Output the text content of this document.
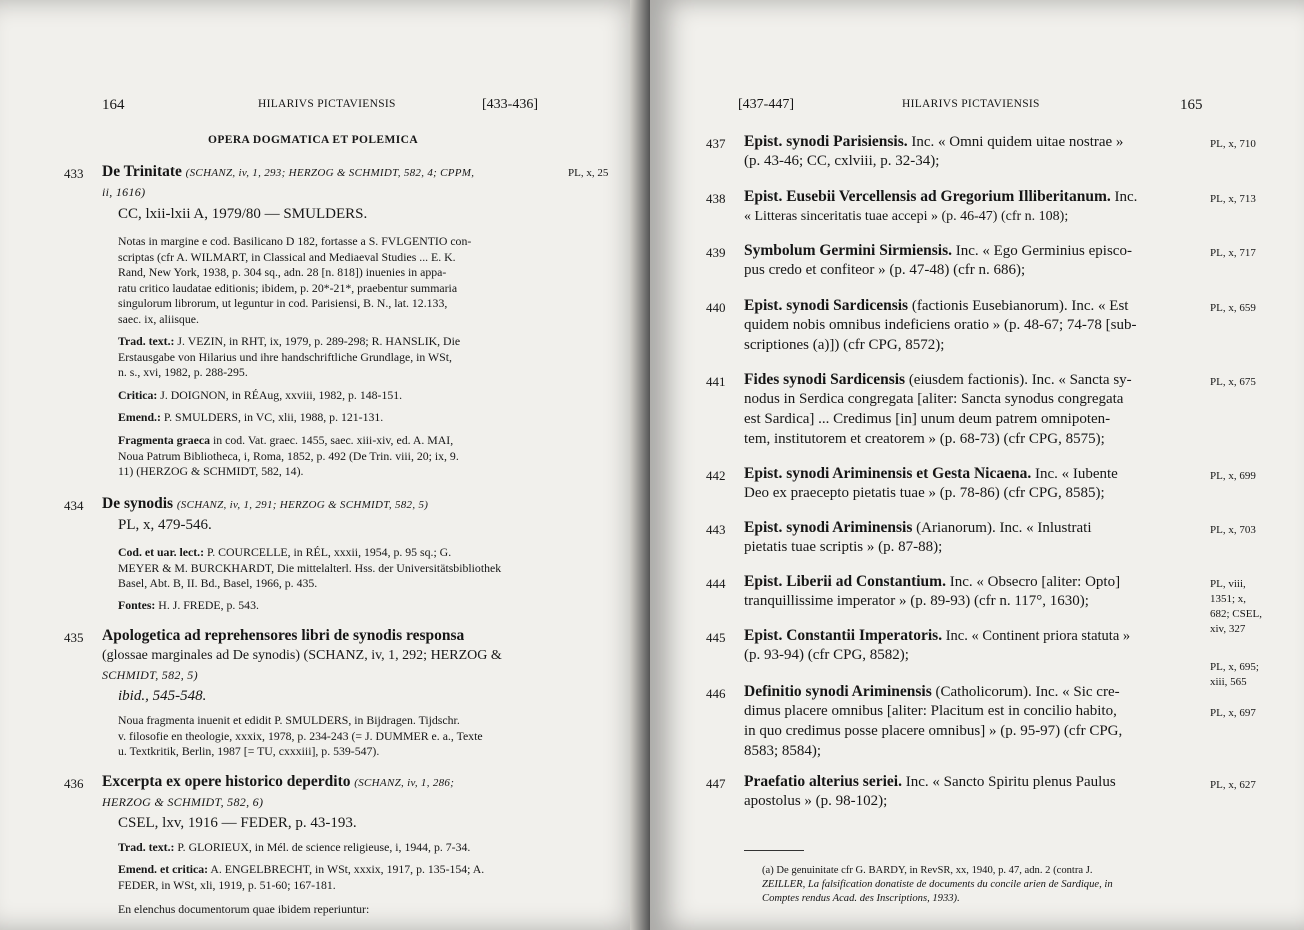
164	HILARIVS PICTAVIENSIS	[433-436]
OPERA DOGMATICA ET POLEMICA
433 De Trinitate (SCHANZ, iv, 1, 293; HERZOG & SCHMIDT, 582, 4; CPPM,
ii, 1616)
PL, x, 25
CC, lxii-lxii A, 1979/80 — SMULDERS.
Notas in margine e cod. Basilicano D 182, fortasse a S. FVLGENTIO con-
scriptas (cfr A. WILMART, in Classical and Mediaeval Studies ... E. K.
Rand, New York, 1938, p. 304 sq., adn. 28 [n. 818]) inuenies in appa-
ratu critico laudatae editionis; ibidem, p. 20*-21*, praebentur summaria
singulorum librorum, ut leguntur in cod. Parisiensi, B. N., lat. 12.133,
saec. ix, aliisque.
Trad. text.: J. VEZIN, in RHT, ix, 1979, p. 289-298; R. HANSLIK, Die
Erstausgabe von Hilarius und ihre handschriftliche Grundlage, in WSt,
n. s., xvi, 1982, p. 288-295.
Critica: J. DOIGNON, in RÉAug, xxviii, 1982, p. 148-151.
Emend.: P. SMULDERS, in VC, xlii, 1988, p. 121-131.
Fragmenta graeca in cod. Vat. graec. 1455, saec. xiii-xiv, ed. A. MAI,
Noua Patrum Bibliotheca, i, Roma, 1852, p. 492 (De Trin. viii, 20; ix, 9.
11) (HERZOG & SCHMIDT, 582, 14).
434 De synodis (SCHANZ, iv, 1, 291; HERZOG & SCHMIDT, 582, 5)
PL, x, 479-546.
Cod. et uar. lect.: P. COURCELLE, in RÉL, xxxii, 1954, p. 95 sq.; G.
MEYER & M. BURCKHARDT, Die mittelalterl. Hss. der Universitätsbibliothek
Basel, Abt. B, II. Bd., Basel, 1966, p. 435.
Fontes: H. J. FREDE, p. 543.
435 Apologetica ad reprehensores libri de synodis responsa
(glossae marginales ad De synodis) (SCHANZ, iv, 1, 292; HERZOG &
SCHMIDT, 582, 5)
ibid., 545-548.
Noua fragmenta inuenit et edidit P. SMULDERS, in Bijdragen. Tijdschr.
v. filosofie en theologie, xxxix, 1978, p. 234-243 (= J. DUMMER e. a., Texte
u. Textkritik, Berlin, 1987 [= TU, cxxxiii], p. 539-547).
436 Excerpta ex opere historico deperdito (SCHANZ, iv, 1, 286;
HERZOG & SCHMIDT, 582, 6)
CSEL, lxv, 1916 — FEDER, p. 43-193.
Trad. text.: P. GLORIEUX, in Mél. de science religieuse, i, 1944, p. 7-34.
Emend. et critica: A. ENGELBRECHT, in WSt, xxxix, 1917, p. 135-154; A.
FEDER, in WSt, xli, 1919, p. 51-60; 167-181.
En elenchus documentorum quae ibidem reperiuntur:
[437-447]	HILARIVS PICTAVIENSIS	165
437 Epist. synodi Parisiensis. Inc. « Omni quidem uitae nostrae »
(p. 43-46; CC, cxlviii, p. 32-34);
PL, x, 710
438 Epist. Eusebii Vercellensis ad Gregorium Illiberitanum. Inc.
« Litteras sinceritatis tuae accepi » (p. 46-47) (cfr n. 108);
PL, x, 713
439 Symbolum Germini Sirmiensis. Inc. « Ego Germinius episco-
pus credo et confiteor » (p. 47-48) (cfr n. 686);
PL, x, 717
440 Epist. synodi Sardicensis (factionis Eusebianorum). Inc. « Est
quidem nobis omnibus indeficiens oratio » (p. 48-67; 74-78 [sub-
scriptiones (a)]) (cfr CPG, 8572);
PL, x, 659
441 Fides synodi Sardicensis (eiusdem factionis). Inc. « Sancta sy-
nodus in Serdica congregata [aliter: Sancta synodus congregata
est Sardica] ... Credimus [in] unum deum patrem omnipoten-
tem, institutorem et creatorem » (p. 68-73) (cfr CPG, 8575);
PL, x, 675
442 Epist. synodi Ariminensis et Gesta Nicaena. Inc. « Iubente
Deo ex praecepto pietatis tuae » (p. 78-86) (cfr CPG, 8585);
PL, x, 699
443 Epist. synodi Ariminensis (Arianorum). Inc. « Inlustrati
pietatis tuae scriptis » (p. 87-88);
PL, x, 703
444 Epist. Liberii ad Constantium. Inc. « Obsecro [aliter: Opto]
tranquillissime imperator » (p. 89-93) (cfr n. 117°, 1630);
PL, viii,
1351; x,
682; CSEL,
xiv, 327
445 Epist. Constantii Imperatoris. Inc. « Continent priora statuta »
(p. 93-94) (cfr CPG, 8582);
PL, x, 695;
xiii, 565
446 Definitio synodi Ariminensis (Catholicorum). Inc. « Sic cre-
dimus placere omnibus [aliter: Placitum est in concilio habito,
in quo credimus posse placere omnibus] » (p. 95-97) (cfr CPG,
8583; 8584);
PL, x, 697
447 Praefatio alterius seriei. Inc. « Sancto Spiritu plenus Paulus
apostolus » (p. 98-102);
PL, x, 627
(a) De genuinitate cfr G. BARDY, in RevSR, xx, 1940, p. 47, adn. 2 (contra J.
ZEILLER, La falsification donatiste de documents du concile arien de Sardique, in
Comptes rendus Acad. des Inscriptions, 1933).
